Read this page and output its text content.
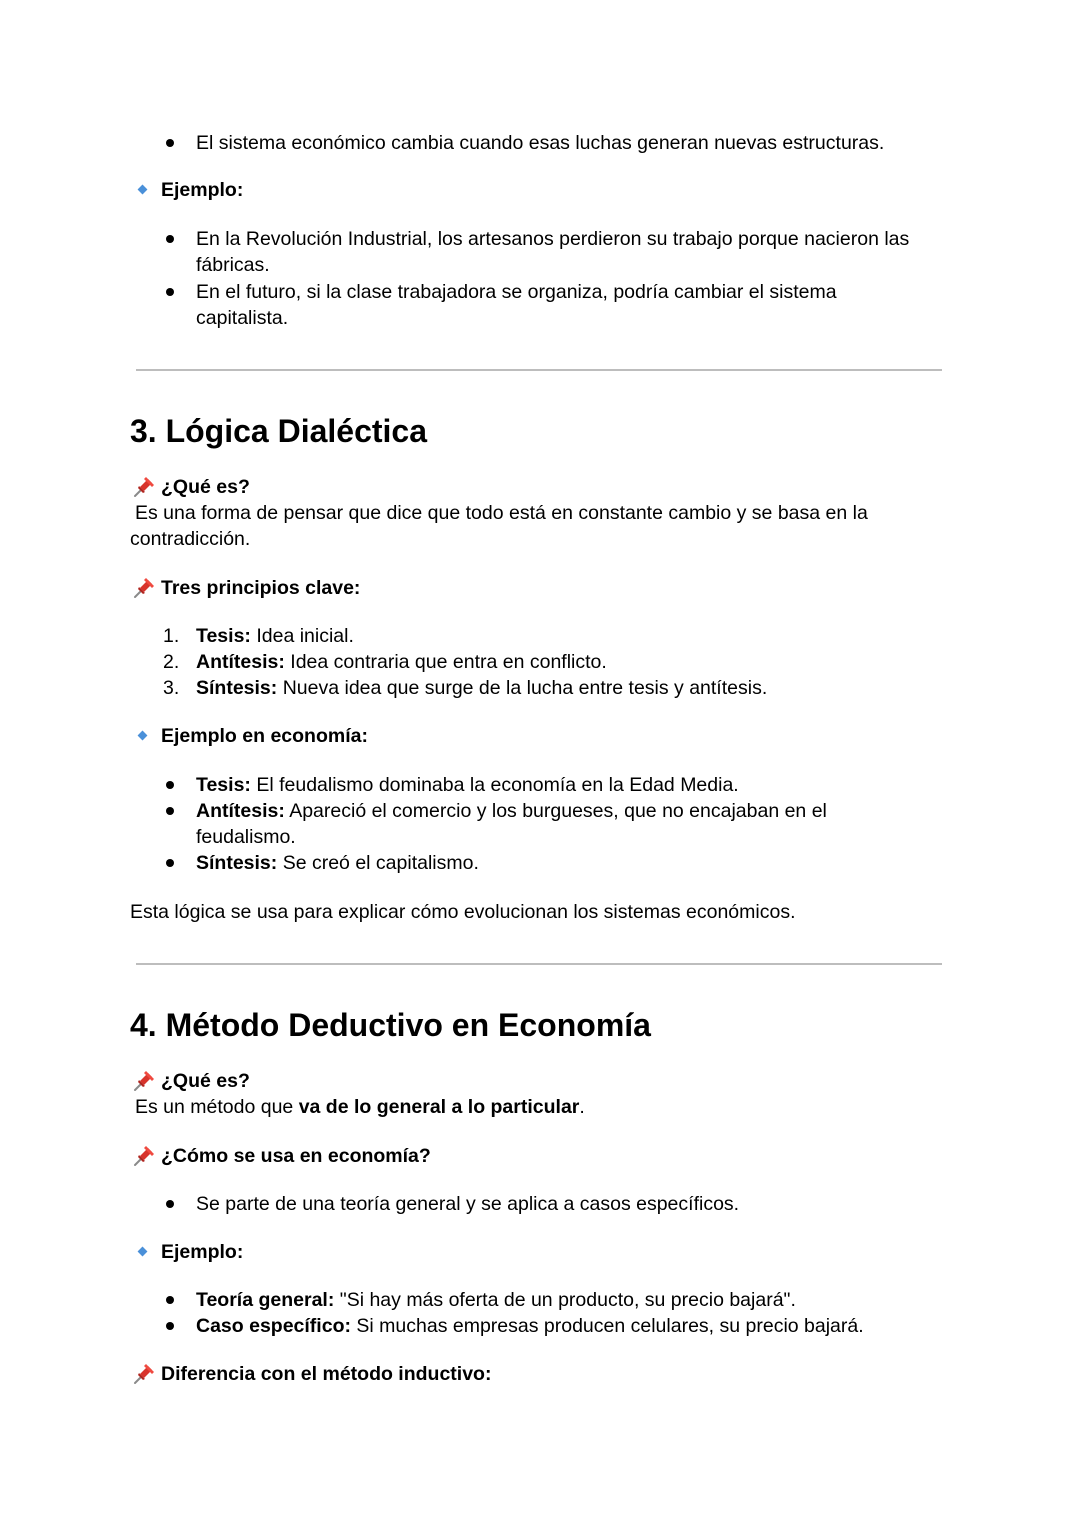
El sistema económico cambia cuando esas luchas generan nuevas estructuras.
Ejemplo:
En la Revolución Industrial, los artesanos perdieron su trabajo porque nacieron las
fábricas.
En el futuro, si la clase trabajadora se organiza, podría cambiar el sistema
capitalista.
3. Lógica Dialéctica
¿Qué es?
Es una forma de pensar que dice que todo está en constante cambio y se basa en la
contradicción.
Tres principios clave:
1. Tesis: Idea inicial.
2. Antítesis: Idea contraria que entra en conflicto.
3. Síntesis: Nueva idea que surge de la lucha entre tesis y antítesis.
Ejemplo en economía:
Tesis: El feudalismo dominaba la economía en la Edad Media.
Antítesis: Apareció el comercio y los burgueses, que no encajaban en el
feudalismo.
Síntesis: Se creó el capitalismo.
Esta lógica se usa para explicar cómo evolucionan los sistemas económicos.
4. Método Deductivo en Economía
¿Qué es?
Es un método que va de lo general a lo particular.
¿Cómo se usa en economía?
Se parte de una teoría general y se aplica a casos específicos.
Ejemplo:
Teoría general: "Si hay más oferta de un producto, su precio bajará".
Caso específico: Si muchas empresas producen celulares, su precio bajará.
Diferencia con el método inductivo:
